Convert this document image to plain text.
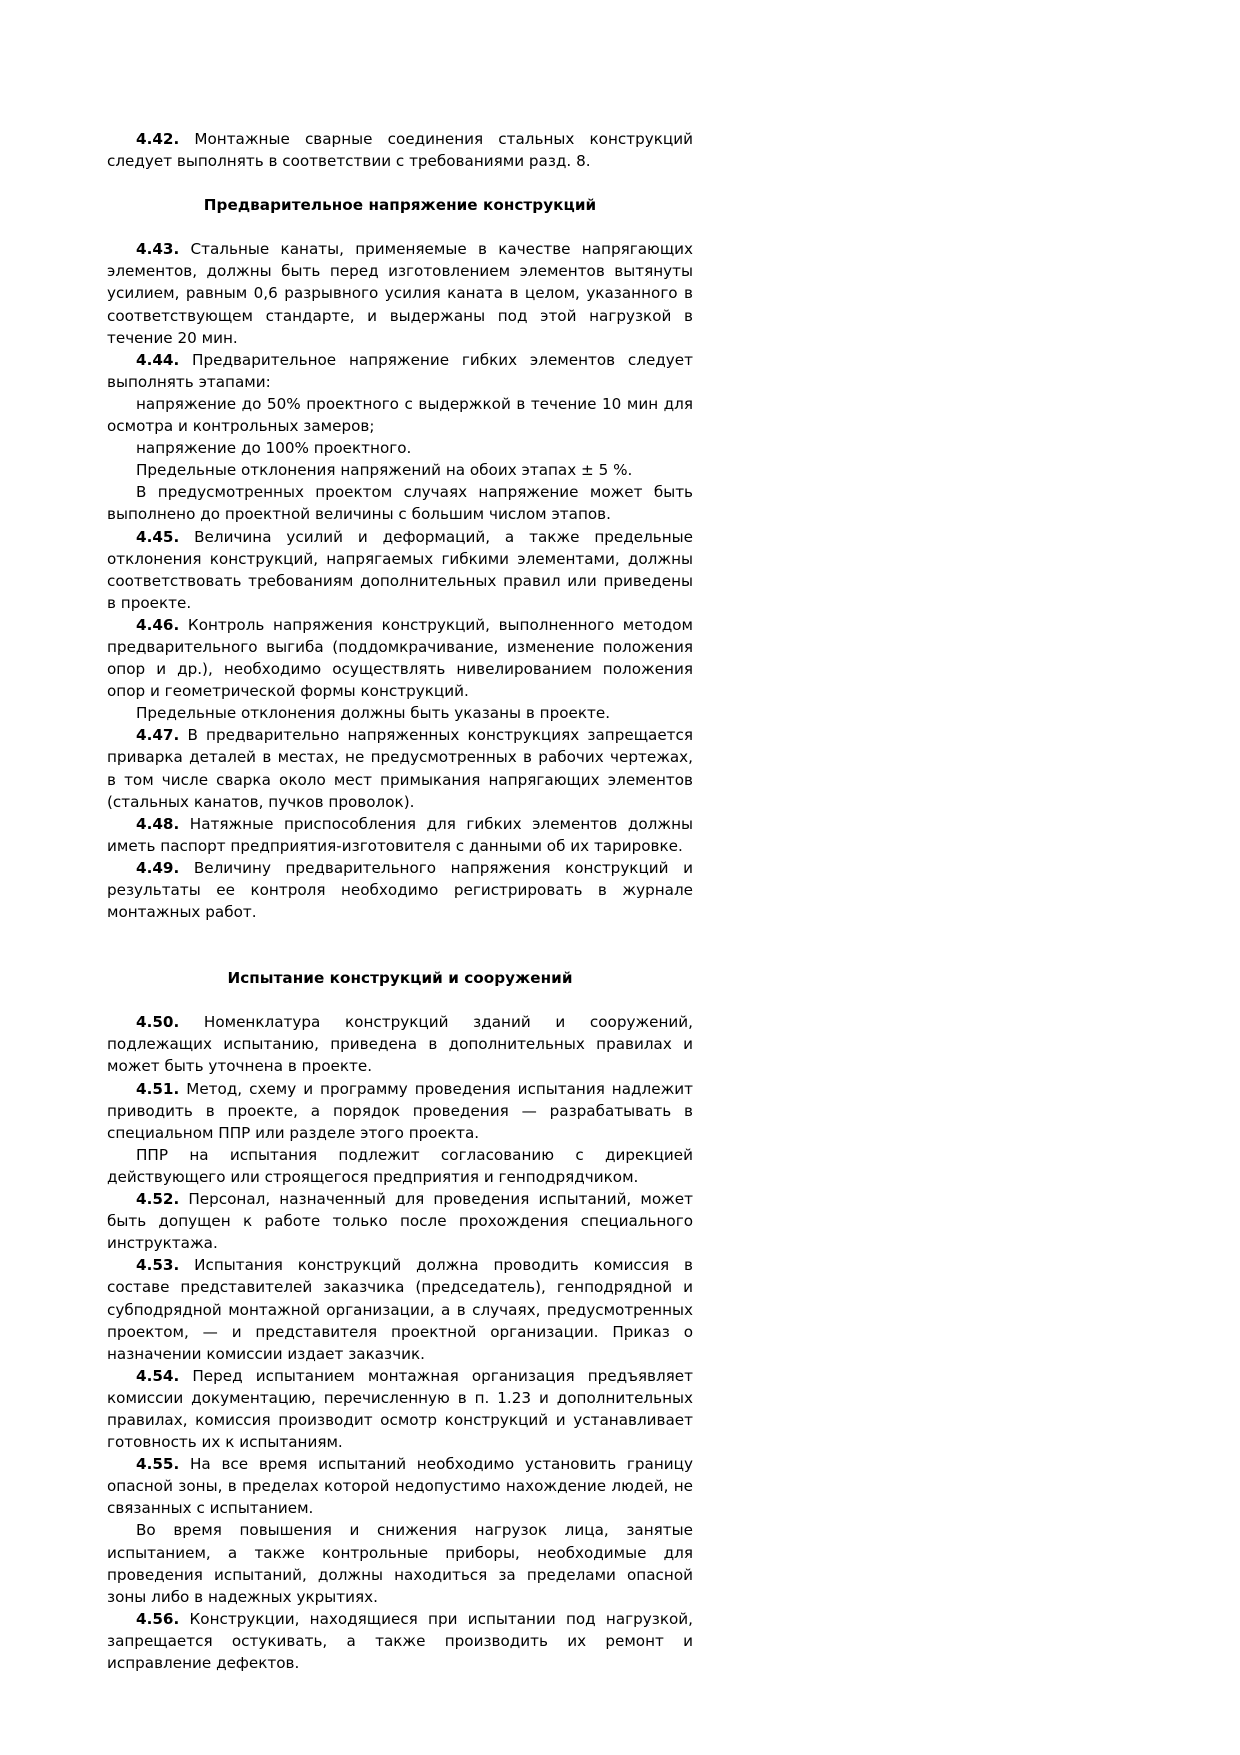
4.42. Монтажные сварные соединения стальных конструкций следует выполнять в соответствии с требованиями разд. 8.

Предварительное напряжение конструкций

4.43. Стальные канаты, применяемые в качестве напрягающих элементов, должны быть перед изготовлением элементов вытянуты усилием, равным 0,6 разрывного усилия каната в целом, указанного в соответствующем стандарте, и выдержаны под этой нагрузкой в течение 20 мин.

4.44. Предварительное напряжение гибких элементов следует выполнять этапами:

напряжение до 50% проектного с выдержкой в течение 10 мин для осмотра и контрольных замеров;

напряжение до 100% проектного.

Предельные отклонения напряжений на обоих этапах ± 5 %.

В предусмотренных проектом случаях напряжение может быть выполнено до проектной величины с большим числом этапов.

4.45. Величина усилий и деформаций, а также предельные отклонения конструкций, напрягаемых гибкими элементами, должны соответствовать требованиям дополнительных правил или приведены в проекте.

4.46. Контроль напряжения конструкций, выполненного методом предварительного выгиба (поддомкрачивание, изменение положения опор и др.), необходимо осуществлять нивелированием положения опор и геометрической формы конструкций.

Предельные отклонения должны быть указаны в проекте.

4.47. В предварительно напряженных конструкциях запрещается приварка деталей в местах, не предусмотренных в рабочих чертежах, в том числе сварка около мест примыкания напрягающих элементов (стальных канатов, пучков проволок).

4.48. Натяжные приспособления для гибких элементов должны иметь паспорт предприятия-изготовителя с данными об их тарировке.

4.49. Величину предварительного напряжения конструкций и результаты ее контроля необходимо регистрировать в журнале монтажных работ.

Испытание конструкций и сооружений

4.50. Номенклатура конструкций зданий и сооружений, подлежащих испытанию, приведена в дополнительных правилах и может быть уточнена в проекте.

4.51. Метод, схему и программу проведения испытания надлежит приводить в проекте, а порядок проведения — разрабатывать в специальном ППР или разделе этого проекта.

ППР на испытания подлежит согласованию с дирекцией действующего или строящегося предприятия и генподрядчиком.

4.52. Персонал, назначенный для проведения испытаний, может быть допущен к работе только после прохождения специального инструктажа.

4.53. Испытания конструкций должна проводить комиссия в составе представителей заказчика (председатель), генподрядной и субподрядной монтажной организации, а в случаях, предусмотренных проектом, — и представителя проектной организации. Приказ о назначении комиссии издает заказчик.

4.54. Перед испытанием монтажная организация предъявляет комиссии документацию, перечисленную в п. 1.23 и дополнительных правилах, комиссия производит осмотр конструкций и устанавливает готовность их к испытаниям.

4.55. На все время испытаний необходимо установить границу опасной зоны, в пределах которой недопустимо нахождение людей, не связанных с испытанием.

Во время повышения и снижения нагрузок лица, занятые испытанием, а также контрольные приборы, необходимые для проведения испытаний, должны находиться за пределами опасной зоны либо в надежных укрытиях.

4.56. Конструкции, находящиеся при испытании под нагрузкой, запрещается остукивать, а также производить их ремонт и исправление дефектов.
